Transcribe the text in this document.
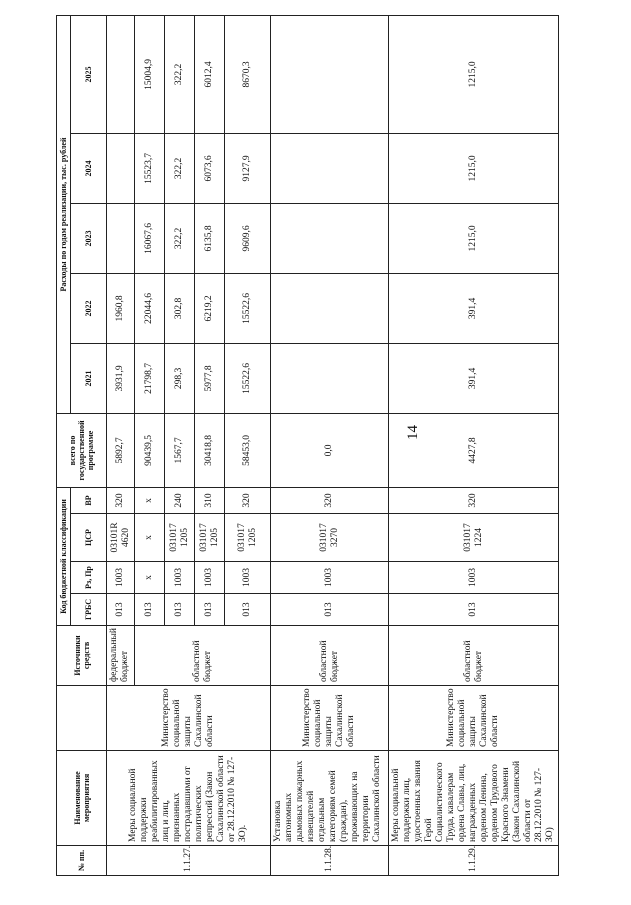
14
№ пп.	Наименование мероприятия		Источники средств	Код бюджетной классификации				всего по государственной программе	Расходы по годам реализации, тыс. рублей				
				ГРБС	Рз, Пр	ЦСР	ВР		2021	2022	2023	2024	2025
1.1.27.	Меры социальной поддержки реабилитированных лиц и лиц, признанных пострадавшими от политических репрессий (Закон Сахалинской области от 28.12.2010 № 127-ЗО).	Министерство социальной защиты Сахалинской области	федеральный бюджет	013	1003	03101R 4620	320	5892,7	3931,9	1960,8			
			областной бюджет	013	х	х	х	90439,5	21798,7	22044,6	16067,6	15523,7	15004,9
				013	1003	031017 1205	240	1567,7	298,3	302,8	322,2	322,2	322,2
				013	1003	031017 1205	310	30418,8	5977,8	6219,2	6135,8	6073,6	6012,4
				013	1003	031017 1205	320	58453,0	15522,6	15522,6	9609,6	9127,9	8670,3
1.1.28.	Установка автономных дымовых пожарных извещателей отдельным категориям семей (граждан), проживающих на территории Сахалинской области	Министерство социальной защиты Сахалинской области	областной бюджет	013	1003	031017 3270	320	0,0					
1.1.29.	Меры социальной поддержки лиц, удостоенных звания Герой Социалистического Труда, кавалерам ордена Славы, лиц, награжденных орденом Ленина, орденом Трудового Красного Знамени (Закон Сахалинской области от 28.12.2010 № 127-ЗО)	Министерство социальной защиты Сахалинской области	областной бюджет	013	1003	031017 1224	320	4427,8	391,4	391,4	1215,0	1215,0	1215,0
